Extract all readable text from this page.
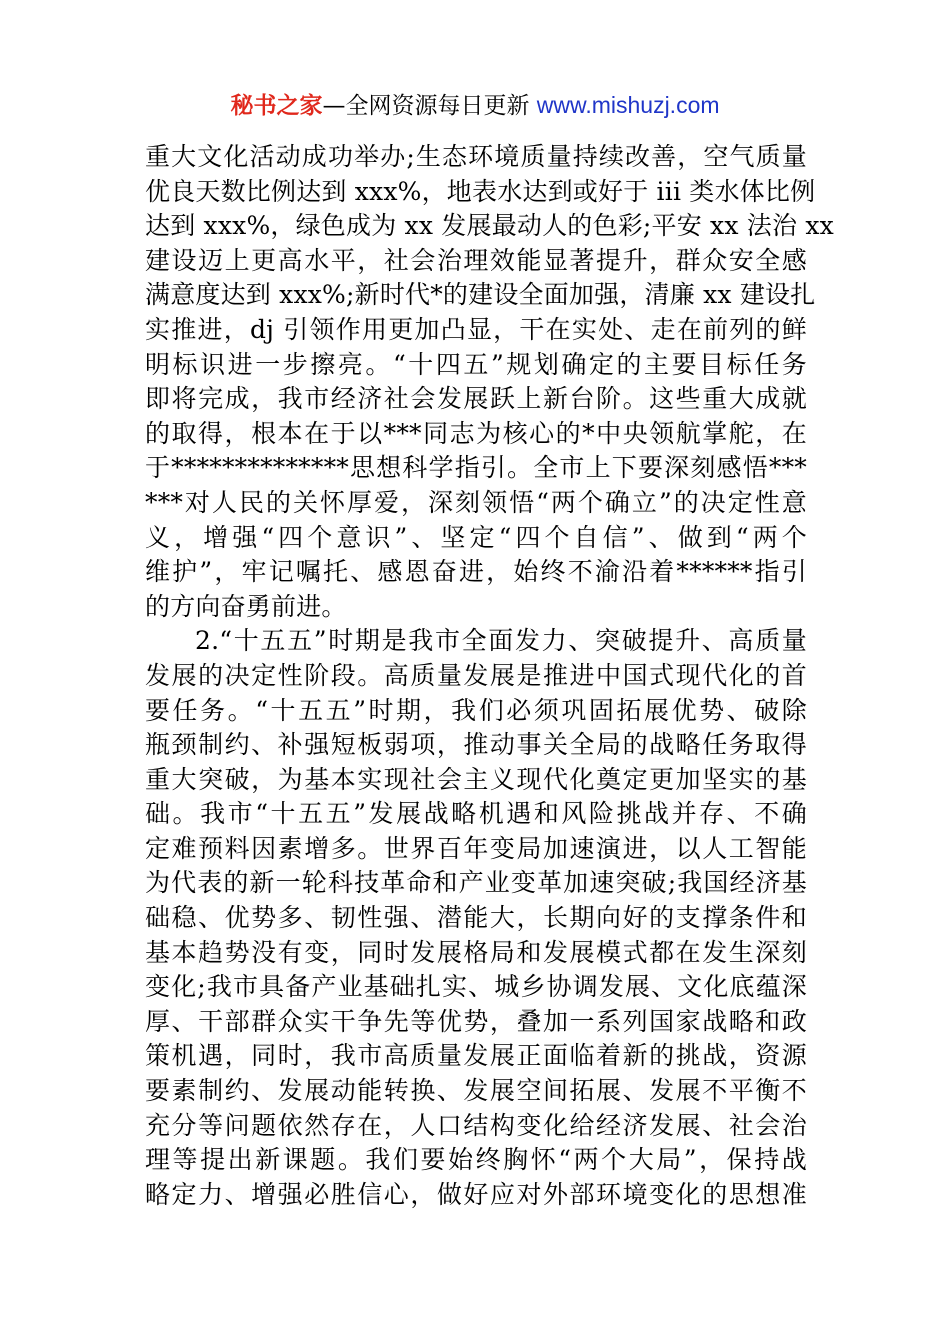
秘书之家—全网资源每日更新 www.mishuzj.com
重大文化活动成功举办;生态环境质量持续改善，空气质量
优良天数比例达到 xxx%，地表水达到或好于 iii 类水体比例
达到 xxx%，绿色成为 xx 发展最动人的色彩;平安 xx 法治 xx
建设迈上更高水平，社会治理效能显著提升，群众安全感
满意度达到 xxx%;新时代*的建设全面加强，清廉 xx 建设扎
实推进，dj 引领作用更加凸显，干在实处、走在前列的鲜
明标识进一步擦亮。“十四五”规划确定的主要目标任务
即将完成，我市经济社会发展跃上新台阶。这些重大成就
的取得，根本在于以***同志为核心的*中央领航掌舵，在
于**************思想科学指引。全市上下要深刻感悟***
***对人民的关怀厚爱，深刻领悟“两个确立”的决定性意
义，增强“四个意识”、坚定“四个自信”、做到“两个
维护”，牢记嘱托、感恩奋进，始终不渝沿着******指引
的方向奋勇前进。
2.“十五五”时期是我市全面发力、突破提升、高质量
发展的决定性阶段。高质量发展是推进中国式现代化的首
要任务。“十五五”时期，我们必须巩固拓展优势、破除
瓶颈制约、补强短板弱项，推动事关全局的战略任务取得
重大突破，为基本实现社会主义现代化奠定更加坚实的基
础。我市“十五五”发展战略机遇和风险挑战并存、不确
定难预料因素增多。世界百年变局加速演进，以人工智能
为代表的新一轮科技革命和产业变革加速突破;我国经济基
础稳、优势多、韧性强、潜能大，长期向好的支撑条件和
基本趋势没有变，同时发展格局和发展模式都在发生深刻
变化;我市具备产业基础扎实、城乡协调发展、文化底蕴深
厚、干部群众实干争先等优势，叠加一系列国家战略和政
策机遇，同时，我市高质量发展正面临着新的挑战，资源
要素制约、发展动能转换、发展空间拓展、发展不平衡不
充分等问题依然存在，人口结构变化给经济发展、社会治
理等提出新课题。我们要始终胸怀“两个大局”，保持战
略定力、增强必胜信心，做好应对外部环境变化的思想准
